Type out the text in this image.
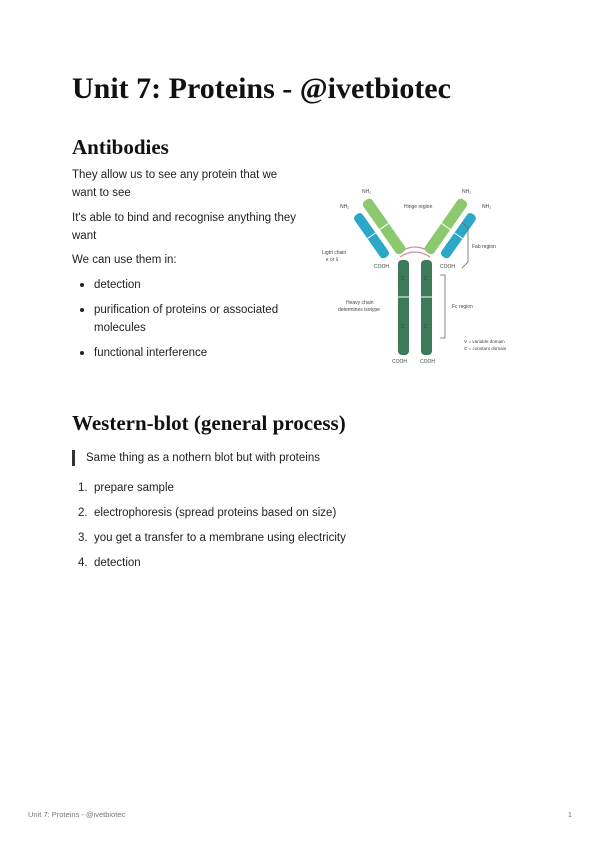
Unit 7: Proteins - @ivetbiotec
Antibodies

They allow us to see any protein that we want to see

It's able to bind and recognise anything they want

We can use them in:

detection
purification of proteins or associated molecules
functional interference
C	C
C	C
NH₂	NH₂
NH₂	NH₂
Hinge region
Light chain
κ or λ
Fab region
COOH	COOH
Heavy chain
determines isotype	Fc region
V = variable domain
C = constant domain
COOH	COOH
Western-blot (general process)
Same thing as a nothern blot but with proteins
1. prepare sample
2. electrophoresis (spread proteins based on size)
3. you get a transfer to a membrane using electricity
4. detection
Unit 7: Proteins - @ivetbiotec	1
